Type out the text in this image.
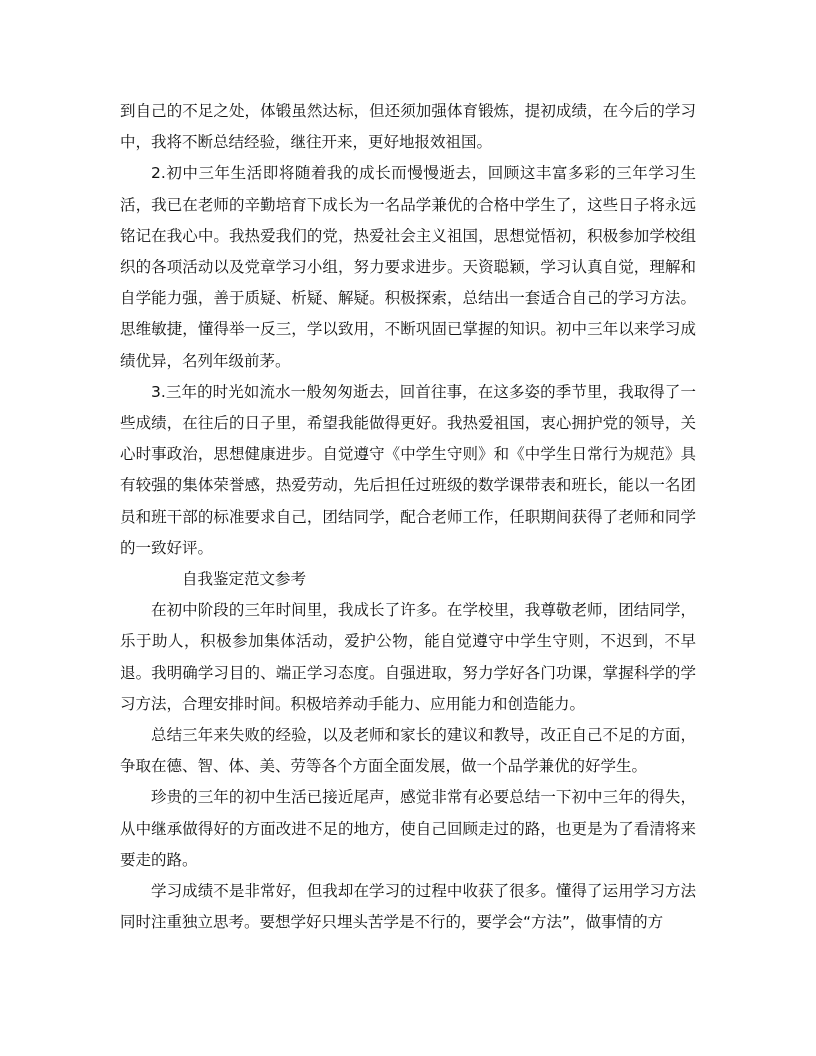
到自己的不足之处，体锻虽然达标，但还须加强体育锻炼，提初成绩，在今后的学习中，我将不断总结经验，继往开来，更好地报效祖国。

2.初中三年生活即将随着我的成长而慢慢逝去，回顾这丰富多彩的三年学习生活，我已在老师的辛勤培育下成长为一名品学兼优的合格中学生了，这些日子将永远铭记在我心中。我热爱我们的党，热爱社会主义祖国，思想觉悟初，积极参加学校组织的各项活动以及党章学习小组，努力要求进步。天资聪颖，学习认真自觉，理解和自学能力强，善于质疑、析疑、解疑。积极探索，总结出一套适合自己的学习方法。思维敏捷，懂得举一反三，学以致用，不断巩固已掌握的知识。初中三年以来学习成绩优异，名列年级前茅。

3.三年的时光如流水一般匆匆逝去，回首往事，在这多姿的季节里，我取得了一些成绩，在往后的日子里，希望我能做得更好。我热爱祖国，衷心拥护党的领导，关心时事政治，思想健康进步。自觉遵守《中学生守则》和《中学生日常行为规范》具有较强的集体荣誉感，热爱劳动，先后担任过班级的数学课带表和班长，能以一名团员和班干部的标准要求自己，团结同学，配合老师工作，任职期间获得了老师和同学的一致好评。

自我鉴定范文参考

在初中阶段的三年时间里，我成长了许多。在学校里，我尊敬老师，团结同学，乐于助人，积极参加集体活动，爱护公物，能自觉遵守中学生守则，不迟到，不早退。我明确学习目的、端正学习态度。自强进取，努力学好各门功课，掌握科学的学习方法，合理安排时间。积极培养动手能力、应用能力和创造能力。

总结三年来失败的经验，以及老师和家长的建议和教导，改正自己不足的方面，争取在德、智、体、美、劳等各个方面全面发展，做一个品学兼优的好学生。

珍贵的三年的初中生活已接近尾声，感觉非常有必要总结一下初中三年的得失，从中继承做得好的方面改进不足的地方，使自己回顾走过的路，也更是为了看清将来要走的路。

学习成绩不是非常好，但我却在学习的过程中收获了很多。懂得了运用学习方法同时注重独立思考。要想学好只埋头苦学是不行的，要学会“方法”，做事情的方
